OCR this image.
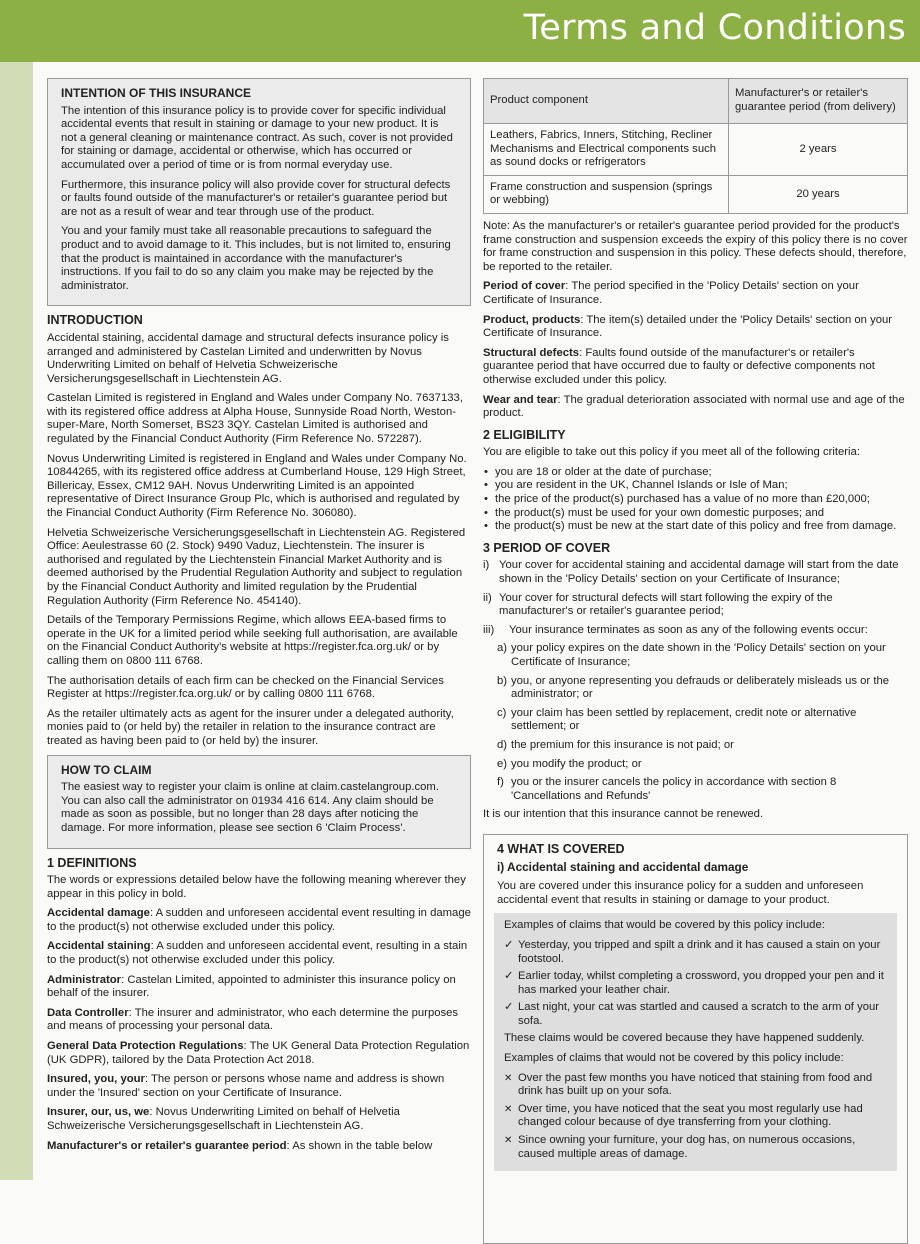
Terms and Conditions
INTENTION OF THIS INSURANCE

The intention of this insurance policy is to provide cover for specific individual accidental events that result in staining or damage to your new product. It is not a general cleaning or maintenance contract. As such, cover is not provided for staining or damage, accidental or otherwise, which has occurred or accumulated over a period of time or is from normal everyday use.

Furthermore, this insurance policy will also provide cover for structural defects or faults found outside of the manufacturer's or retailer's guarantee period but are not as a result of wear and tear through use of the product.

You and your family must take all reasonable precautions to safeguard the product and to avoid damage to it. This includes, but is not limited to, ensuring that the product is maintained in accordance with the manufacturer's instructions. If you fail to do so any claim you make may be rejected by the administrator.

INTRODUCTION

Accidental staining, accidental damage and structural defects insurance policy is arranged and administered by Castelan Limited and underwritten by Novus Underwriting Limited on behalf of Helvetia Schweizerische Versicherungsgesellschaft in Liechtenstein AG.

Castelan Limited is registered in England and Wales under Company No. 7637133, with its registered office address at Alpha House, Sunnyside Road North, Weston-super-Mare, North Somerset, BS23 3QY. Castelan Limited is authorised and regulated by the Financial Conduct Authority (Firm Reference No. 572287).

Novus Underwriting Limited is registered in England and Wales under Company No. 10844265, with its registered office address at Cumberland House, 129 High Street, Billericay, Essex, CM12 9AH. Novus Underwriting Limited is an appointed representative of Direct Insurance Group Plc, which is authorised and regulated by the Financial Conduct Authority (Firm Reference No. 306080).

Helvetia Schweizerische Versicherungsgesellschaft in Liechtenstein AG. Registered Office: Aeulestrasse 60 (2. Stock) 9490 Vaduz, Liechtenstein. The insurer is authorised and regulated by the Liechtenstein Financial Market Authority and is deemed authorised by the Prudential Regulation Authority and subject to regulation by the Financial Conduct Authority and limited regulation by the Prudential Regulation Authority (Firm Reference No. 454140).

Details of the Temporary Permissions Regime, which allows EEA-based firms to operate in the UK for a limited period while seeking full authorisation, are available on the Financial Conduct Authority's website at https://register.fca.org.uk/ or by calling them on 0800 111 6768.

The authorisation details of each firm can be checked on the Financial Services Register at https://register.fca.org.uk/ or by calling 0800 111 6768.

As the retailer ultimately acts as agent for the insurer under a delegated authority, monies paid to (or held by) the retailer in relation to the insurance contract are treated as having been paid to (or held by) the insurer.

HOW TO CLAIM

The easiest way to register your claim is online at claim.castelangroup.com. You can also call the administrator on 01934 416 614. Any claim should be made as soon as possible, but no longer than 28 days after noticing the damage. For more information, please see section 6 'Claim Process'.

1 DEFINITIONS

The words or expressions detailed below have the following meaning wherever they appear in this policy in bold.

Accidental damage: A sudden and unforeseen accidental event resulting in damage to the product(s) not otherwise excluded under this policy.

Accidental staining: A sudden and unforeseen accidental event, resulting in a stain to the product(s) not otherwise excluded under this policy.

Administrator: Castelan Limited, appointed to administer this insurance policy on behalf of the insurer.

Data Controller: The insurer and administrator, who each determine the purposes and means of processing your personal data.

General Data Protection Regulations: The UK General Data Protection Regulation (UK GDPR), tailored by the Data Protection Act 2018.

Insured, you, your: The person or persons whose name and address is shown under the 'Insured' section on your Certificate of Insurance.

Insurer, our, us, we: Novus Underwriting Limited on behalf of Helvetia Schweizerische Versicherungsgesellschaft in Liechtenstein AG.

Manufacturer's or retailer's guarantee period: As shown in the table below

Product component	Manufacturer's or retailer's guarantee period (from delivery)
Leathers, Fabrics, Inners, Stitching, Recliner Mechanisms and Electrical components such as sound docks or refrigerators	2 years
Frame construction and suspension (springs or webbing)	20 years

Note: As the manufacturer's or retailer's guarantee period provided for the product's frame construction and suspension exceeds the expiry of this policy there is no cover for frame construction and suspension in this policy. These defects should, therefore, be reported to the retailer.

Period of cover: The period specified in the 'Policy Details' section on your Certificate of Insurance.

Product, products: The item(s) detailed under the 'Policy Details' section on your Certificate of Insurance.

Structural defects: Faults found outside of the manufacturer's or retailer's guarantee period that have occurred due to faulty or defective components not otherwise excluded under this policy.

Wear and tear: The gradual deterioration associated with normal use and age of the product.

2 ELIGIBILITY

You are eligible to take out this policy if you meet all of the following criteria:

• you are 18 or older at the date of purchase;
• you are resident in the UK, Channel Islands or Isle of Man;
• the price of the product(s) purchased has a value of no more than £20,000;
• the product(s) must be used for your own domestic purposes; and
• the product(s) must be new at the start date of this policy and free from damage.
3 PERIOD OF COVER
i) Your cover for accidental staining and accidental damage will start from the date shown in the 'Policy Details' section on your Certificate of Insurance;
ii) Your cover for structural defects will start following the expiry of the manufacturer's or retailer's guarantee period;
iii)	Your insurance terminates as soon as any of the following events occur:
a) your policy expires on the date shown in the 'Policy Details' section on your Certificate of Insurance;
b) you, or anyone representing you defrauds or deliberately misleads us or the administrator; or
c) your claim has been settled by replacement, credit note or alternative settlement; or
d) the premium for this insurance is not paid; or
e) you modify the product; or
f) you or the insurer cancels the policy in accordance with section 8 'Cancellations and Refunds'

It is our intention that this insurance cannot be renewed.

4 WHAT IS COVERED
i) Accidental staining and accidental damage

You are covered under this insurance policy for a sudden and unforeseen accidental event that results in staining or damage to your product.

Examples of claims that would be covered by this policy include:

✓ Yesterday, you tripped and spilt a drink and it has caused a stain on your footstool.
✓ Earlier today, whilst completing a crossword, you dropped your pen and it has marked your leather chair.
✓ Last night, your cat was startled and caused a scratch to the arm of your sofa.

These claims would be covered because they have happened suddenly.

Examples of claims that would not be covered by this policy include:

✕ Over the past few months you have noticed that staining from food and drink has built up on your sofa.
✕ Over time, you have noticed that the seat you most regularly use had changed colour because of dye transferring from your clothing.
✕ Since owning your furniture, your dog has, on numerous occasions, caused multiple areas of damage.
